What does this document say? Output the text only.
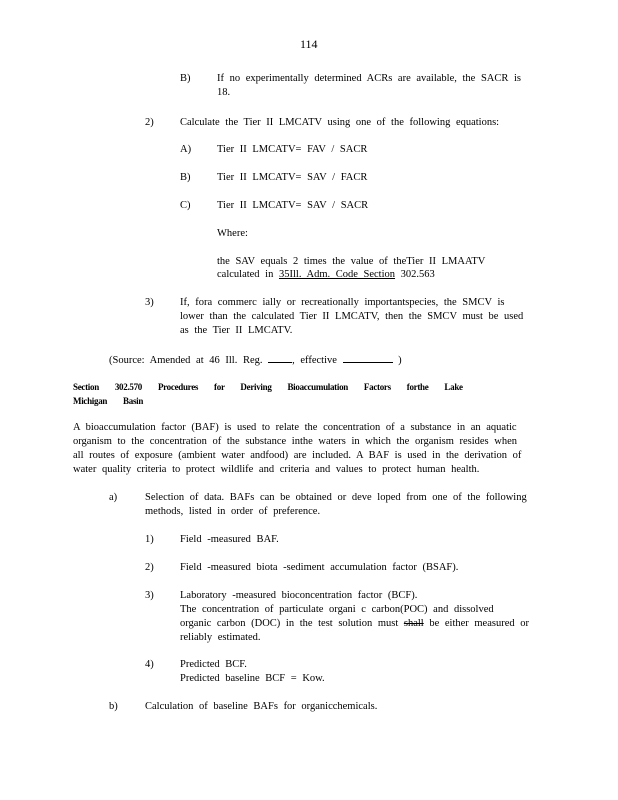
114
B)	If no experimentally determined ACRs are available, the SACR is
18.
2)	Calculate the Tier II LMCATV using one of the following equations:
A) Tier II LMCATV= FAV / SACR
B)	Tier II LMCATV= SAV / FACR
C)	Tier II LMCATV= SAV / SACR
Where:
the SAV equals 2 times the value of theTier II LMAATV
calculated in 35Ill. Adm. Code Section 302.563
3)	If, fora commerc ially or recreationally importantspecies, the SMCV is
lower than the calculated Tier II LMCATV, then the SMCV must be used
as the Tier II LMCATV.
(Source: Amended at 46 Ill. Reg.	, effective	)
Section 302.570 Procedures for Deriving Bioaccumulation Factors forthe Lake
Michigan Basin
A bioaccumulation factor (BAF) is used to relate the concentration of a substance in an aquatic
organism to the concentration of the substance inthe waters in which the organism resides when
all routes of exposure (ambient water andfood) are included. A BAF is used in the derivation of
water quality criteria to protect wildlife and criteria and values to protect human health.
a)	Selection of data. BAFs can be obtained or deve loped from one of the following
methods, listed in order of preference.
1)	Field -measured BAF.
2)	Field -measured biota -sediment accumulation factor (BSAF).
3)	Laboratory -measured bioconcentration factor (BCF).
The concentration of particulate organi c carbon(POC) and dissolved
organic carbon (DOC) in the test solution must shall be either measured or
reliably estimated.
4)	Predicted BCF.
Predicted baseline BCF = Kow.
b)	Calculation of baseline BAFs for organicchemicals.
